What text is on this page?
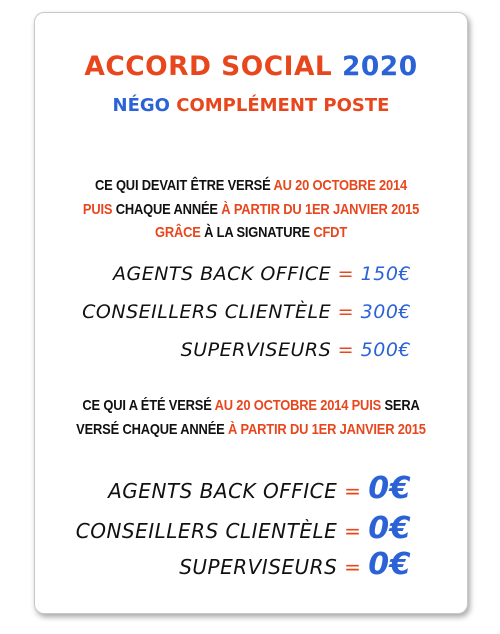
ACCORD SOCIAL 2020
NÉGO COMPLÉMENT POSTE
CE QUI DEVAIT ÊTRE VERSÉ AU 20 OCTOBRE 2014
PUIS CHAQUE ANNÉE À PARTIR DU 1ER JANVIER 2015
GRÂCE À LA SIGNATURE CFDT
AGENTS BACK OFFICE = 150€
CONSEILLERS CLIENTÈLE = 300€
SUPERVISEURS = 500€
CE QUI A ÉTÉ VERSÉ AU 20 OCTOBRE 2014 PUIS SERA
VERSÉ CHAQUE ANNÉE À PARTIR DU 1ER JANVIER 2015
AGENTS BACK OFFICE = 0€
CONSEILLERS CLIENTÈLE = 0€
SUPERVISEURS = 0€
